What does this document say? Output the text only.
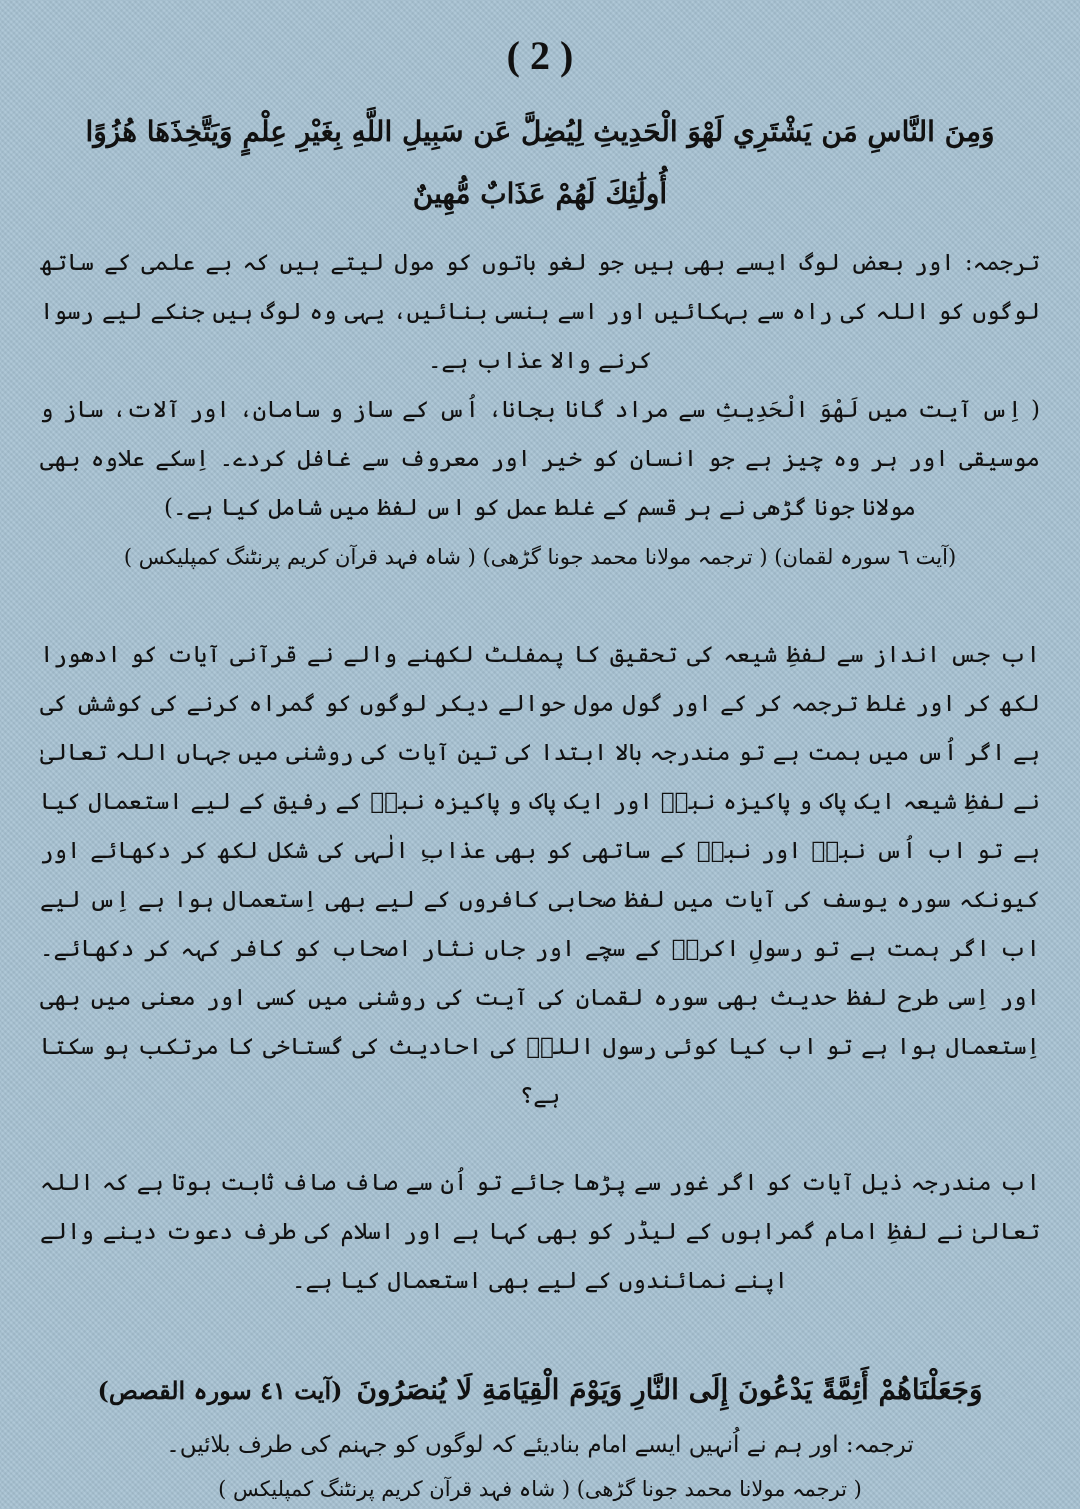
( 2 )

وَمِنَ النَّاسِ مَن يَشْتَرِي لَهْوَ الْحَدِيثِ لِيُضِلَّ عَن سَبِيلِ اللَّهِ بِغَيْرِ عِلْمٍ وَيَتَّخِذَهَا هُزُوًا

أُولَٰئِكَ لَهُمْ عَذَابٌ مُّهِينٌ

ترجمہ: اور بعض لوگ ایسے بھی ہیں جو لغو باتوں کو مول لیتے ہیں کہ بے علمی کے ساتھ لوگوں کو اللہ کی راہ سے بہکائیں اور اسے ہنسی بنائیں، یہی وہ لوگ ہیں جنکے لیے رسوا کرنے والا عذاب ہے۔

( اِس آیت میں لَهْوَ الْحَدِيثِ سے مراد گانا بجانا، اُس کے ساز و سامان، اور آلات، ساز و موسیقی اور ہر وہ چیز ہے جو انسان کو خیر اور معروف سے غافل کردے۔ اِسکے علاوہ بھی مولانا جونا گڑھی نے ہر قسم کے غلط عمل کو اس لفظ میں شامل کیا ہے۔)

(آیت ٦ سورہ لقمان) ( ترجمہ مولانا محمد جونا گڑھی) ( شاہ فہد قرآن کریم پرنٹنگ کمپلیکس )

اب جس انداز سے لفظِ شیعہ کی تحقیق کا پمفلٹ لکھنے والے نے قرآنی آیات کو ادھورا لکھ کر اور غلط ترجمہ کر کے اور گول مول حوالے دیکر لوگوں کو گمراہ کرنے کی کوشش کی ہے اگر اُس میں ہمت ہے تو مندرجہ بالا ابتدا کی تین آیات کی روشنی میں جہاں اللہ تعالیٰ نے لفظِ شیعہ ایک پاک و پاکیزہ نبیؑ اور ایک پاک و پاکیزہ نبیؑ کے رفیق کے لیے استعمال کیا ہے تو اب اُس نبیؑ اور نبیؑ کے ساتھی کو بھی عذابِ الٰہی کی شکل لکھ کر دکھائے اور کیونکہ سورہ یوسف کی آیات میں لفظ صحابی کافروں کے لیے بھی اِستعمال ہوا ہے اِس لیے اب اگر ہمت ہے تو رسولِ اکرمؐ کے سچے اور جاں نثار اصحاب کو کافر کہہ کر دکھائے۔ اور اِسی طرح لفظ حدیث بھی سورہ لقمان کی آیت کی روشنی میں کسی اور معنی میں بھی اِستعمال ہوا ہے تو اب کیا کوئی رسول اللہؐ کی احادیث کی گستاخی کا مرتکب ہو سکتا ہے؟

اب مندرجہ ذیل آیات کو اگر غور سے پڑھا جائے تو اُن سے صاف صاف ثابت ہوتا ہے کہ اللہ تعالیٰ نے لفظِ امام گمراہوں کے لیڈر کو بھی کہا ہے اور اسلام کی طرف دعوت دینے والے اپنے نمائندوں کے لیے بھی استعمال کیا ہے۔

وَجَعَلْنَاهُمْ أَئِمَّةً يَدْعُونَ إِلَى النَّارِ وَيَوْمَ الْقِيَامَةِ لَا يُنصَرُونَ
(آیت ٤١ سورہ القصص)

ترجمہ: اور ہم نے اُنہیں ایسے امام بنادیئے کہ لوگوں کو جہنم کی طرف بلائیں۔

( ترجمہ مولانا محمد جونا گڑھی) ( شاہ فہد قرآن کریم پرنٹنگ کمپلیکس )
